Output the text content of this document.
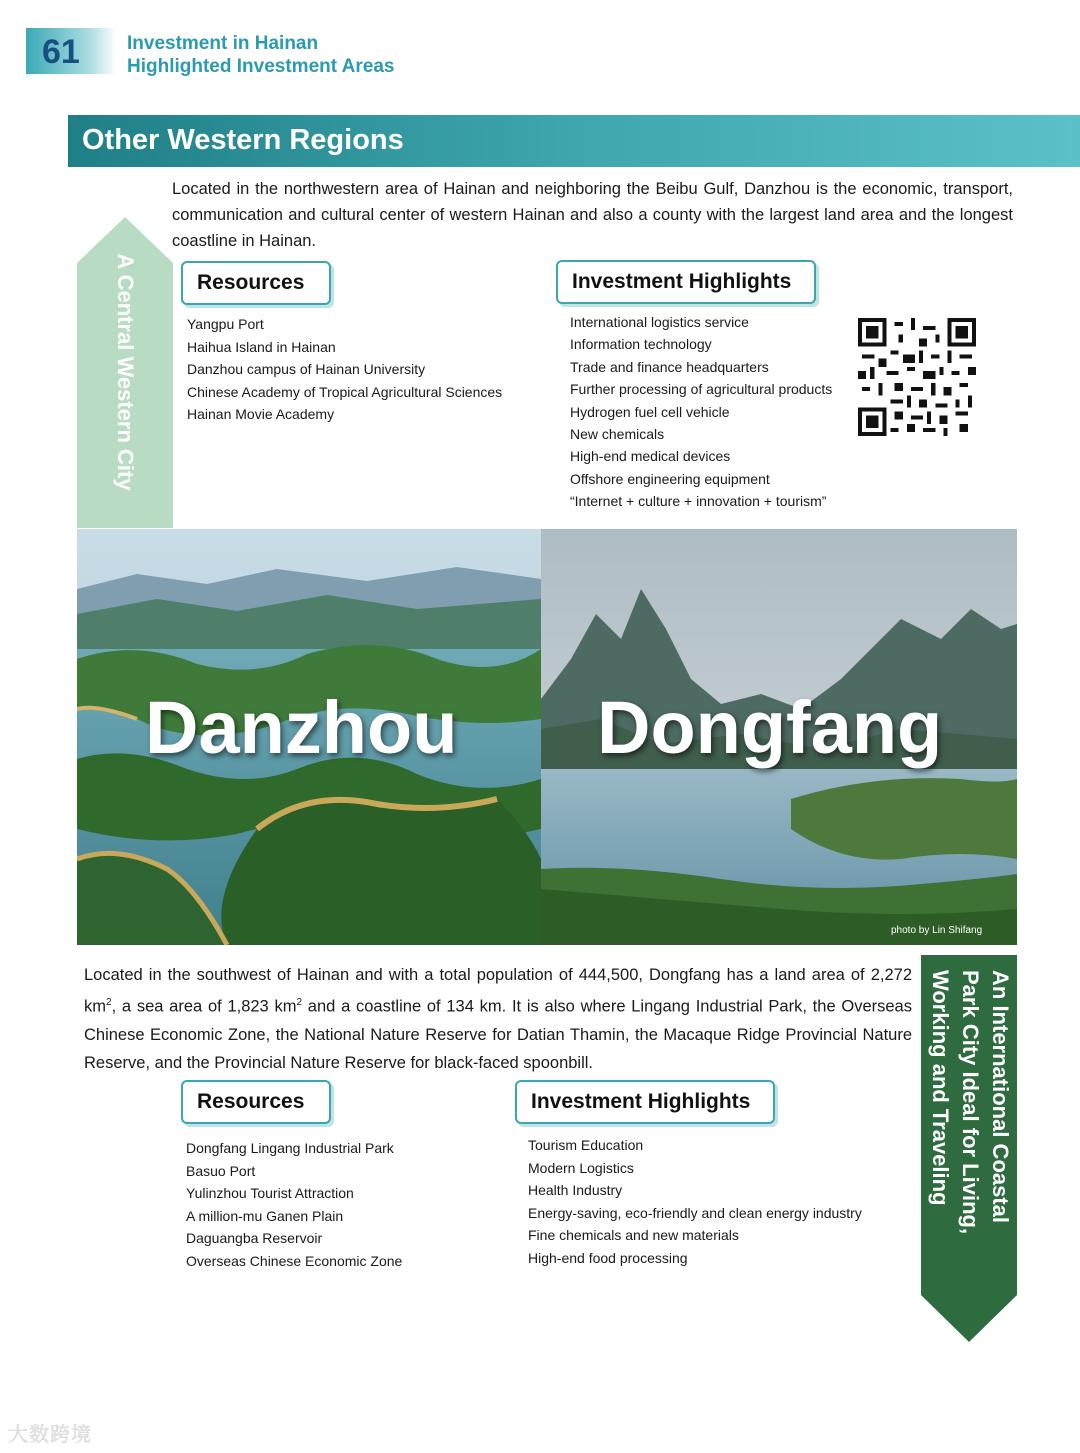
61 Investment in Hainan
Highlighted Investment Areas
Other Western Regions
A Central Western City
Located in the northwestern area of Hainan and neighboring the Beibu Gulf, Danzhou is the economic, transport, communication and cultural center of western Hainan and also a county with the largest land area and the longest coastline in Hainan.
Resources
Yangpu Port
Haihua Island in Hainan
Danzhou campus of Hainan University
Chinese Academy of Tropical Agricultural Sciences
Hainan Movie Academy
Investment Highlights
International logistics service
Information technology
Trade and finance headquarters
Further processing of agricultural products
Hydrogen fuel cell vehicle
New chemicals
High-end medical devices
Offshore engineering equipment
“Internet + culture + innovation + tourism”
Danzhou Dongfang
photo by Lin Shifang
Located in the southwest of Hainan and with a total population of 444,500, Dongfang has a land area of 2,272 $km^2$, a sea area of 1,823 $km^2$ and a coastline of 134 km. It is also where Lingang Industrial Park, the Overseas Chinese Economic Zone, the National Nature Reserve for Datian Thamin, the Macaque Ridge Provincial Nature Reserve, and the Provincial Nature Reserve for black-faced spoonbill.	An International Coastal
Park City Ideal for Living,
Working and Traveling
Resources
Dongfang Lingang Industrial Park
Basuo Port
Yulinzhou Tourist Attraction
A million-mu Ganen Plain
Daguangba Reservoir
Overseas Chinese Economic Zone
Investment Highlights
Tourism Education
Modern Logistics
Health Industry
Energy-saving, eco-friendly and clean energy industry
Fine chemicals and new materials
High-end food processing
大数跨境
